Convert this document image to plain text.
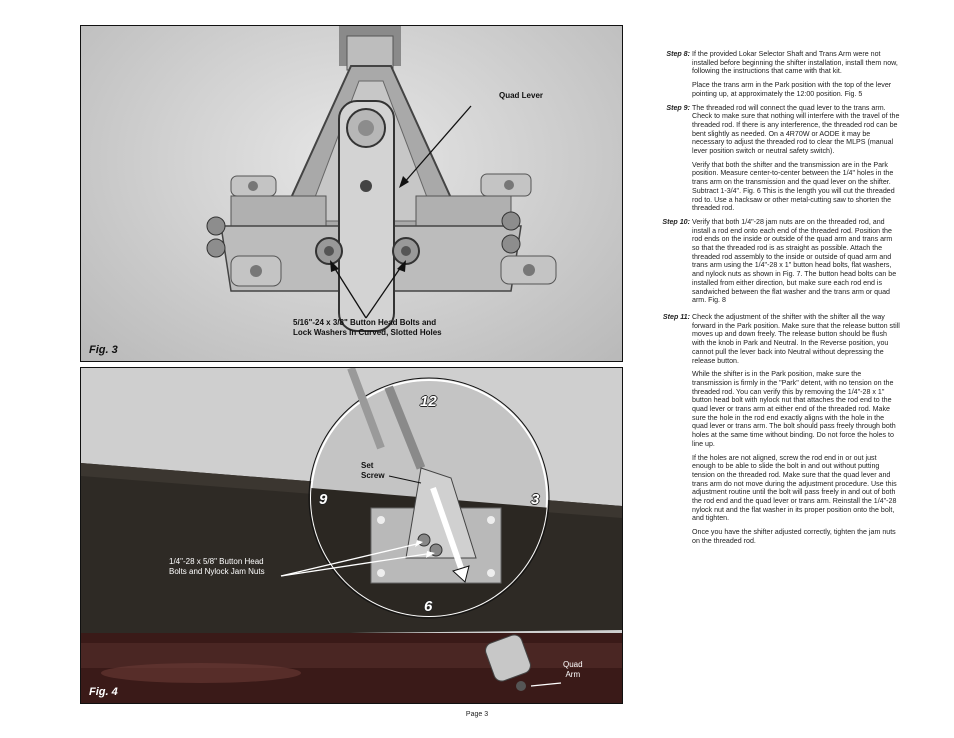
Quad Lever
5/16"-24 x 3/8" Button Head Bolts and
Lock Washers In Curved, Slotted Holes
Fig. 3
12
3
6
9
Set
Screw
1/4"-28 x 5/8" Button Head
Bolts and Nylock Jam Nuts
Quad
Arm
Fig. 4
Step 8: If the provided Lokar Selector Shaft and Trans Arm were not installed before beginning the shifter installation, install them now, following the instructions that came with that kit.
Place the trans arm in the Park position with the top of the lever pointing up, at approximately the 12:00 position. Fig. 5
Step 9: The threaded rod will connect the quad lever to the trans arm. Check to make sure that nothing will interfere with the travel of the threaded rod. If there is any interference, the threaded rod can be bent slightly as needed. On a 4R70W or AODE it may be necessary to adjust the threaded rod to clear the MLPS (manual lever position switch or neutral safety switch).
Verify that both the shifter and the transmission are in the Park position. Measure center-to-center between the 1/4" holes in the trans arm on the transmission and the quad lever on the shifter. Subtract 1-3/4". Fig. 6 This is the length you will cut the threaded rod to. Use a hacksaw or other metal-cutting saw to shorten the threaded rod.
Step 10: Verify that both 1/4"-28 jam nuts are on the threaded rod, and install a rod end onto each end of the threaded rod. Position the rod ends on the inside or outside of the quad arm and trans arm so that the threaded rod is as straight as possible. Attach the threaded rod assembly to the inside or outside of quad arm and trans arm using the 1/4"-28 x 1" button head bolts, flat washers, and nylock nuts as shown in Fig. 7. The button head bolts can be installed from either direction, but make sure each rod end is sandwiched between the flat washer and the trans arm or quad arm. Fig. 8
Step 11: Check the adjustment of the shifter with the shifter all the way forward in the Park position. Make sure that the release button still moves up and down freely. The release button should be flush with the knob in Park and Neutral. In the Reverse position, you cannot pull the lever back into Neutral without depressing the release button.
While the shifter is in the Park position, make sure the transmission is firmly in the "Park" detent, with no tension on the threaded rod. You can verify this by removing the 1/4"-28 x 1" button head bolt with nylock nut that attaches the rod end to the quad lever or trans arm at either end of the threaded rod. Make sure the hole in the rod end exactly aligns with the hole in the quad lever or trans arm. The bolt should pass freely through both holes at the same time without binding. Do not force the holes to line up.
If the holes are not aligned, screw the rod end in or out just enough to be able to slide the bolt in and out without putting tension on the threaded rod. Make sure that the quad lever and trans arm do not move during the adjustment procedure. Use this adjustment routine until the bolt will pass freely in and out of both the rod end and the quad lever or trans arm. Reinstall the 1/4"-28 nylock nut and the flat washer in its proper position onto the bolt, and tighten.
Once you have the shifter adjusted correctly, tighten the jam nuts on the threaded rod.
Page 3
